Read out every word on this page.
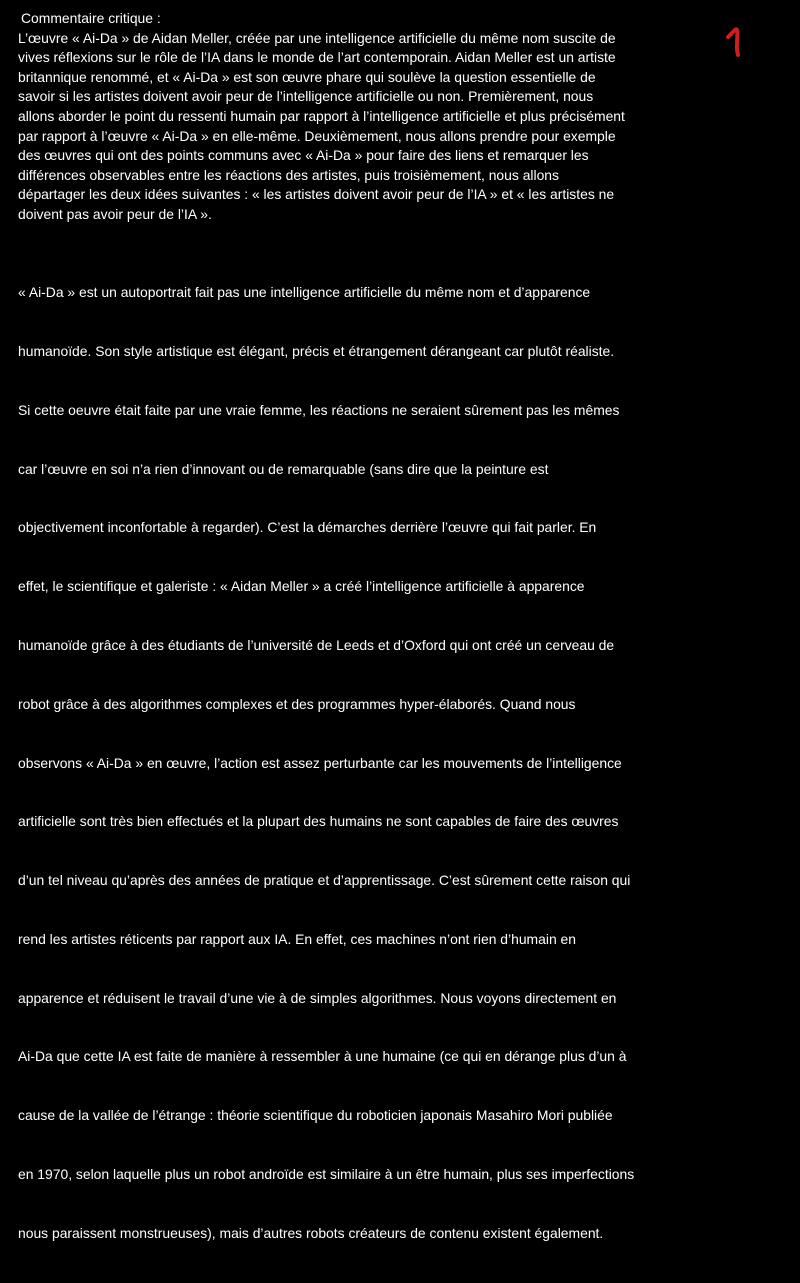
Commentaire critique :
L’œuvre « Ai-Da » de Aidan Meller, créée par une intelligence artificielle du même nom suscite de
vives réflexions sur le rôle de l’IA dans le monde de l’art contemporain. Aidan Meller est un artiste
britannique renommé, et « Ai-Da » est son œuvre phare qui soulève la question essentielle de
savoir si les artistes doivent avoir peur de l’intelligence artificielle ou non. Premièrement, nous
allons aborder le point du ressenti humain par rapport à l’intelligence artificielle et plus précisément
par rapport à l’œuvre « Ai-Da » en elle-même. Deuxièmement, nous allons prendre pour exemple
des œuvres qui ont des points communs avec « Ai-Da » pour faire des liens et remarquer les
différences observables entre les réactions des artistes, puis troisièmement, nous allons
départager les deux idées suivantes : « les artistes doivent avoir peur de l’IA » et « les artistes ne
doivent pas avoir peur de l’IA ».

« Ai-Da » est un autoportrait fait pas une intelligence artificielle du même nom et d’apparence

humanoïde. Son style artistique est élégant, précis et étrangement dérangeant car plutôt réaliste.

Si cette oeuvre était faite par une vraie femme, les réactions ne seraient sûrement pas les mêmes

car l’œuvre en soi n’a rien d’innovant ou de remarquable (sans dire que la peinture est

objectivement inconfortable à regarder). C’est la démarches derrière l’œuvre qui fait parler. En

effet, le scientifique et galeriste : « Aidan Meller » a créé l’intelligence artificielle à apparence

humanoïde grâce à des étudiants de l’université de Leeds et d’Oxford qui ont créé un cerveau de

robot grâce à des algorithmes complexes et des programmes hyper-élaborés. Quand nous

observons « Ai-Da » en œuvre, l’action est assez perturbante car les mouvements de l’intelligence

artificielle sont très bien effectués et la plupart des humains ne sont capables de faire des œuvres

d’un tel niveau qu’après des années de pratique et d’apprentissage. C’est sûrement cette raison qui

rend les artistes réticents par rapport aux IA. En effet, ces machines n’ont rien d’humain en

apparence et réduisent le travail d’une vie à de simples algorithmes. Nous voyons directement en

Ai-Da que cette IA est faite de manière à ressembler à une humaine (ce qui en dérange plus d’un à

cause de la vallée de l’étrange : théorie scientifique du roboticien japonais Masahiro Mori publiée

en 1970, selon laquelle plus un robot androïde est similaire à un être humain, plus ses imperfections

nous paraissent monstrueuses), mais d’autres robots créateurs de contenu existent également.
